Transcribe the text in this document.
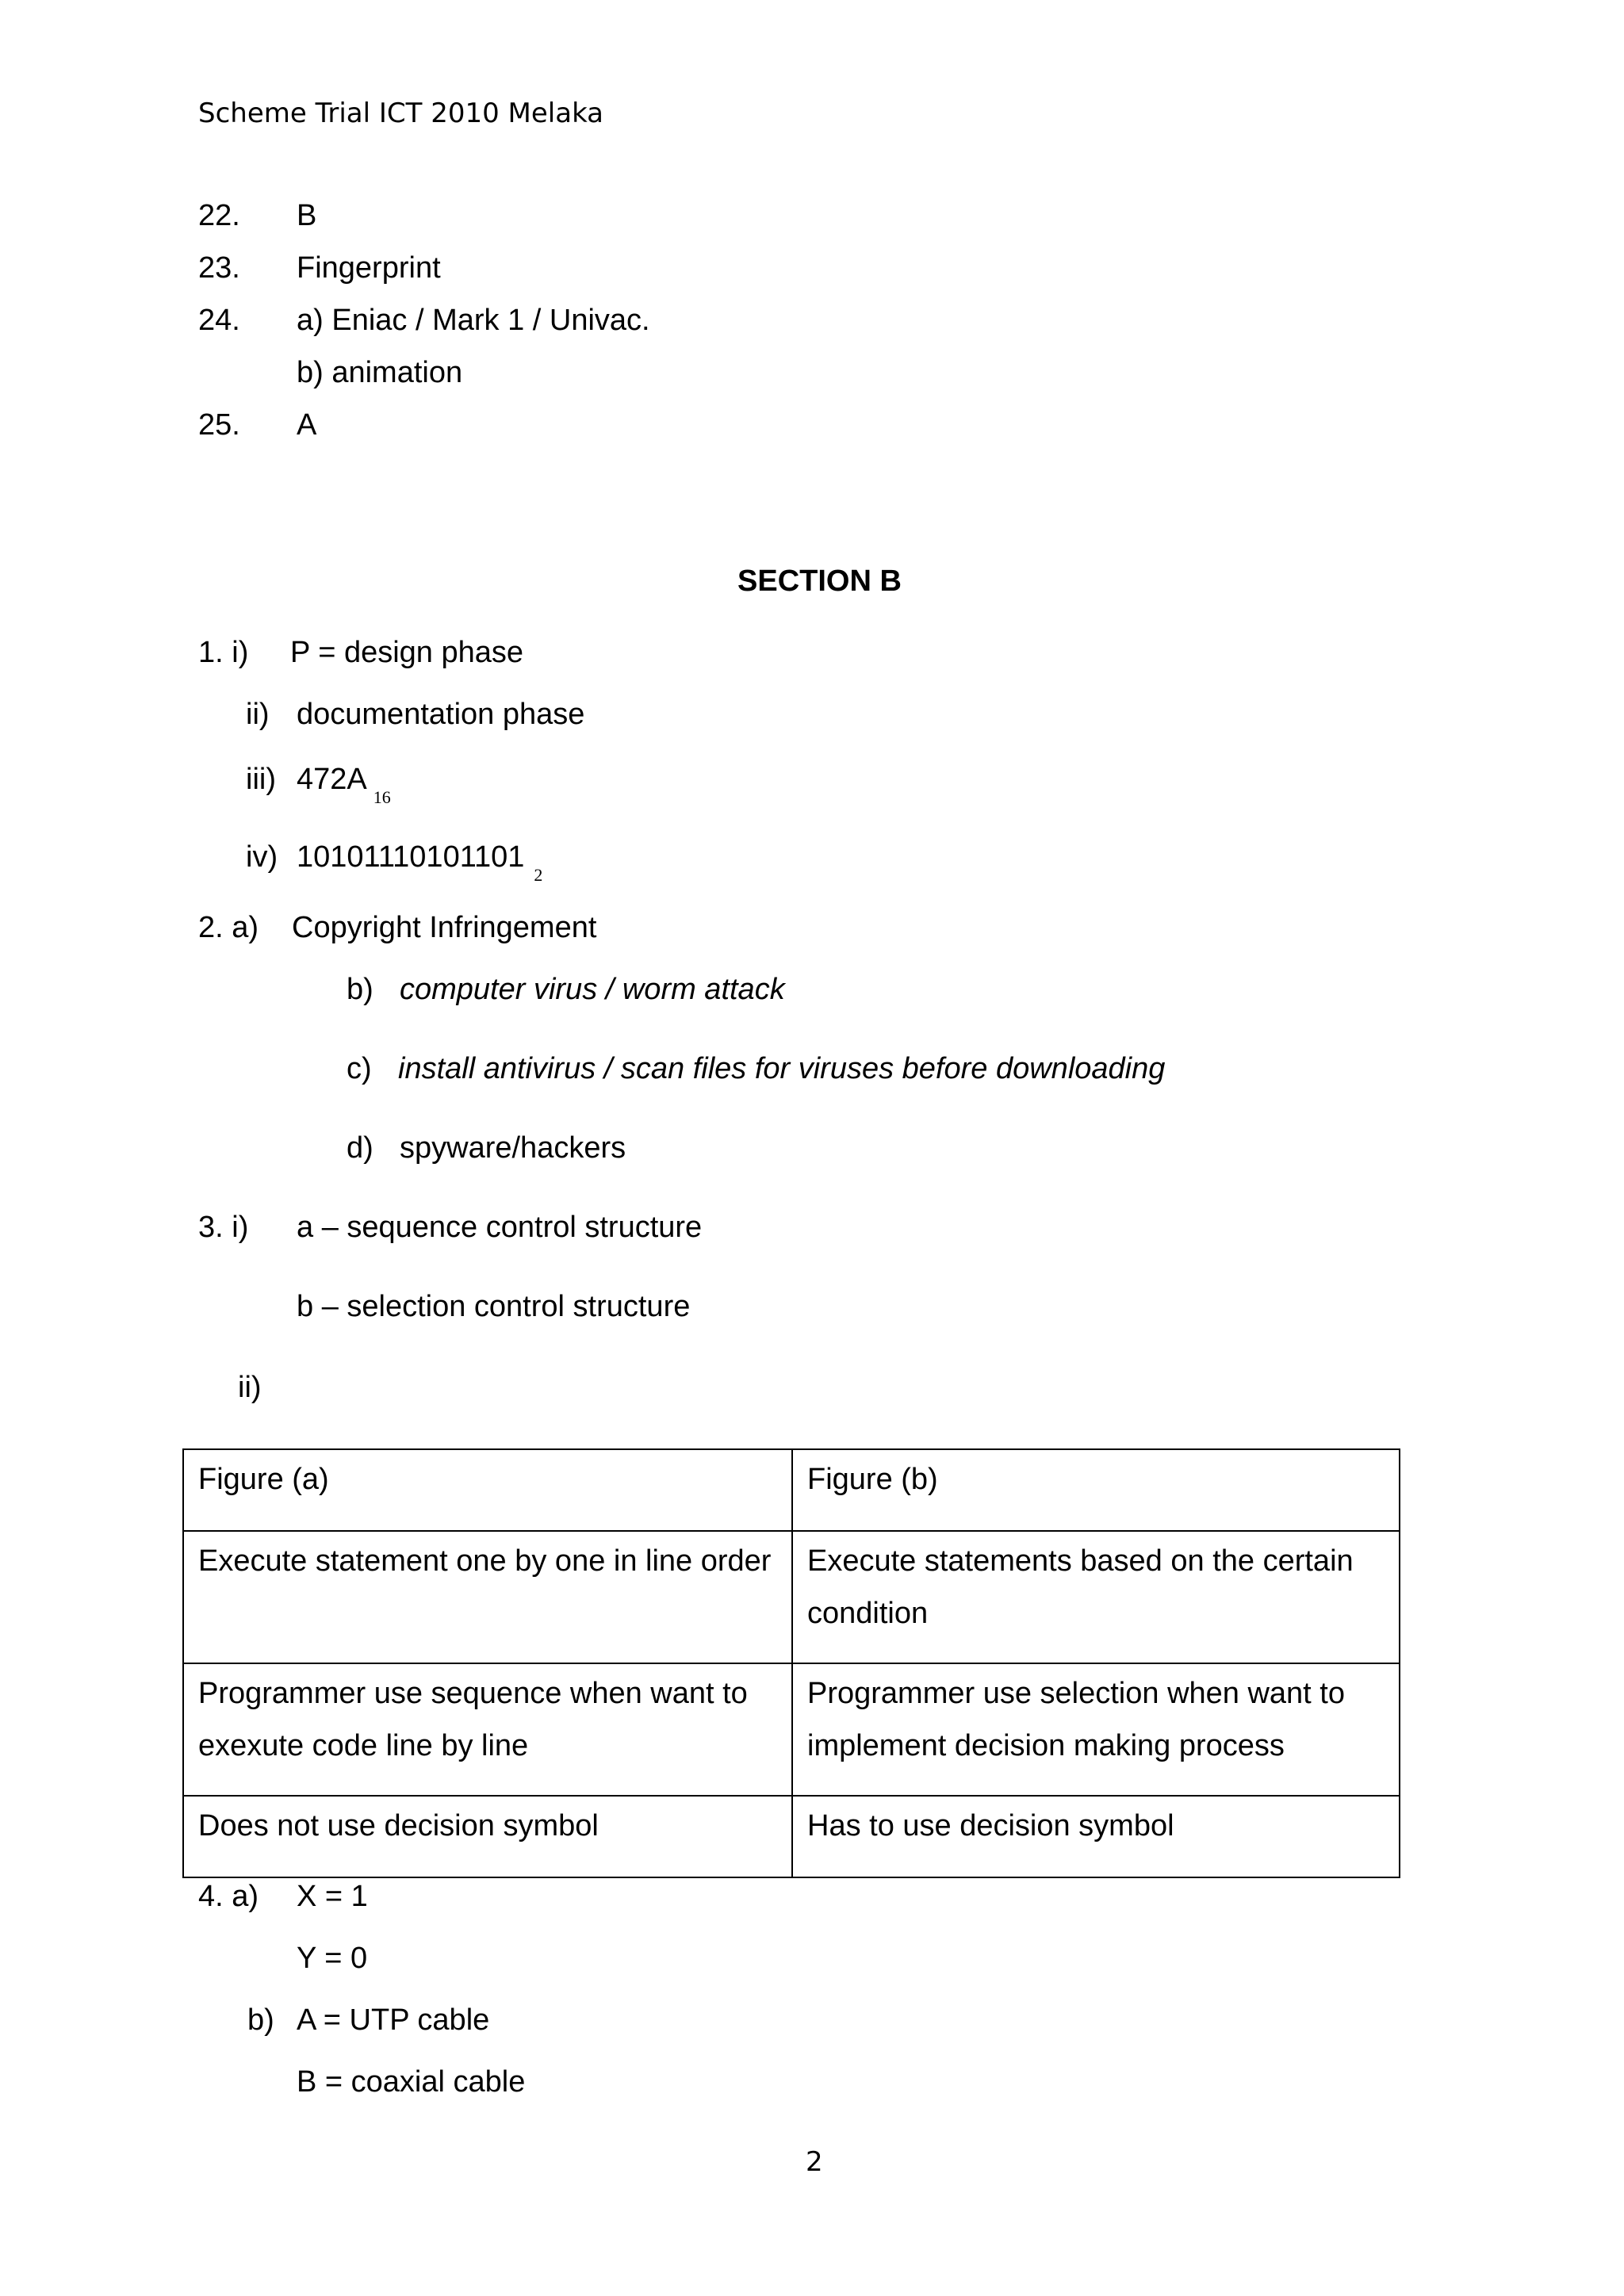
Scheme Trial ICT 2010 Melaka
22. B
23. Fingerprint
24. a) Eniac / Mark 1 / Univac.
b) animation
25. A
SECTION B
1. i) P = design phase
ii) documentation phase
iii) $472A_{16}$
iv) $10101110101101_2$
2. a) Copyright Infringement
b) computer virus / worm attack
c) install antivirus / scan files for viruses before downloading
d) spyware/hackers
3. i) a – sequence control structure
b – selection control structure
ii)
Figure (a)	Figure (b)
Execute statement one by one in line order	Execute statements based on the certain condition
Programmer use sequence when want to exexute code line by line	Programmer use selection when want to implement decision making process
Does not use decision symbol	Has to use decision symbol
4. a) X = 1
Y = 0
b) A = UTP cable
B = coaxial cable
2
